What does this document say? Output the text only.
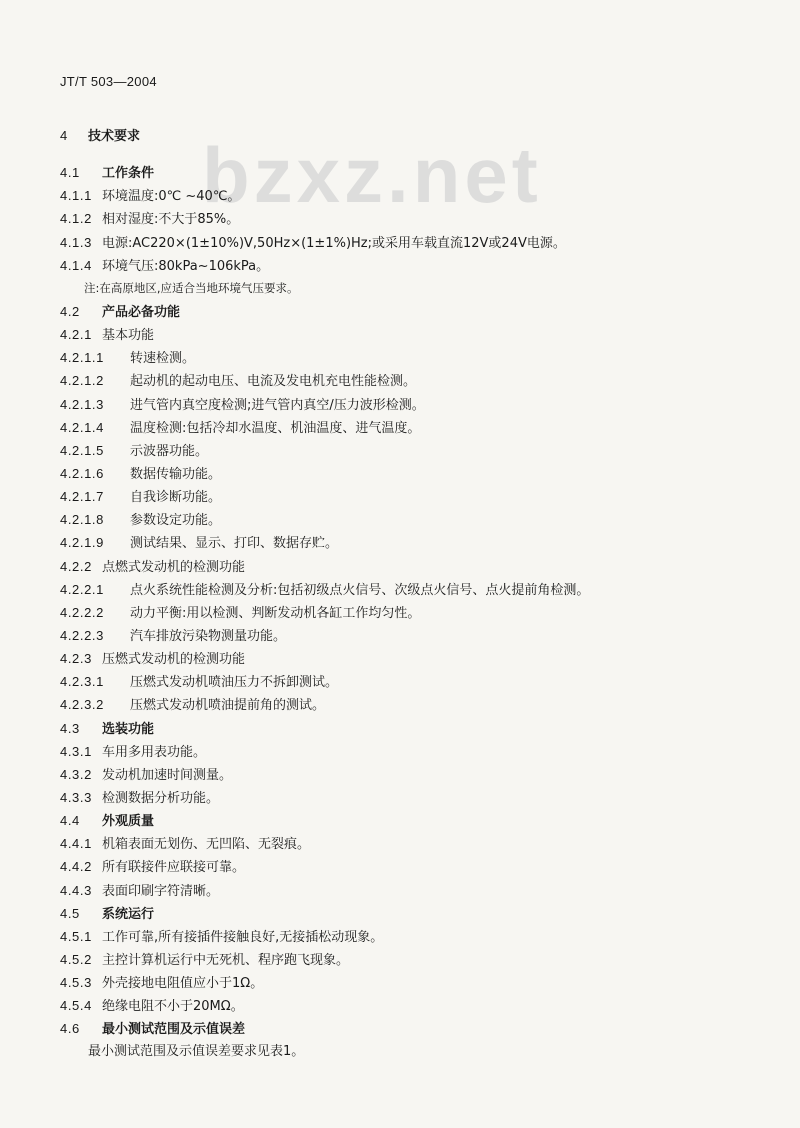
JT/T 503—2004
bzxz.net
4 技术要求
4.1 工作条件
4.1.1 环境温度:0℃ ~40℃。
4.1.2 相对湿度:不大于85%。
4.1.3 电源:AC220×(1±10%)V,50Hz×(1±1%)Hz;或采用车载直流12V或24V电源。
4.1.4 环境气压:80kPa~106kPa。
注:在高原地区,应适合当地环境气压要求。
4.2 产品必备功能
4.2.1 基本功能
4.2.1.1 转速检测。
4.2.1.2 起动机的起动电压、电流及发电机充电性能检测。
4.2.1.3 进气管内真空度检测;进气管内真空/压力波形检测。
4.2.1.4 温度检测:包括冷却水温度、机油温度、进气温度。
4.2.1.5 示波器功能。
4.2.1.6 数据传输功能。
4.2.1.7 自我诊断功能。
4.2.1.8 参数设定功能。
4.2.1.9 测试结果、显示、打印、数据存贮。
4.2.2 点燃式发动机的检测功能
4.2.2.1 点火系统性能检测及分析:包括初级点火信号、次级点火信号、点火提前角检测。
4.2.2.2 动力平衡:用以检测、判断发动机各缸工作均匀性。
4.2.2.3 汽车排放污染物测量功能。
4.2.3 压燃式发动机的检测功能
4.2.3.1 压燃式发动机喷油压力不拆卸测试。
4.2.3.2 压燃式发动机喷油提前角的测试。
4.3 选装功能
4.3.1 车用多用表功能。
4.3.2 发动机加速时间测量。
4.3.3 检测数据分析功能。
4.4 外观质量
4.4.1 机箱表面无划伤、无凹陷、无裂痕。
4.4.2 所有联接件应联接可靠。
4.4.3 表面印刷字符清晰。
4.5 系统运行
4.5.1 工作可靠,所有接插件接触良好,无接插松动现象。
4.5.2 主控计算机运行中无死机、程序跑飞现象。
4.5.3 外壳接地电阻值应小于1Ω。
4.5.4 绝缘电阻不小于20MΩ。
4.6 最小测试范围及示值误差
最小测试范围及示值误差要求见表1。
